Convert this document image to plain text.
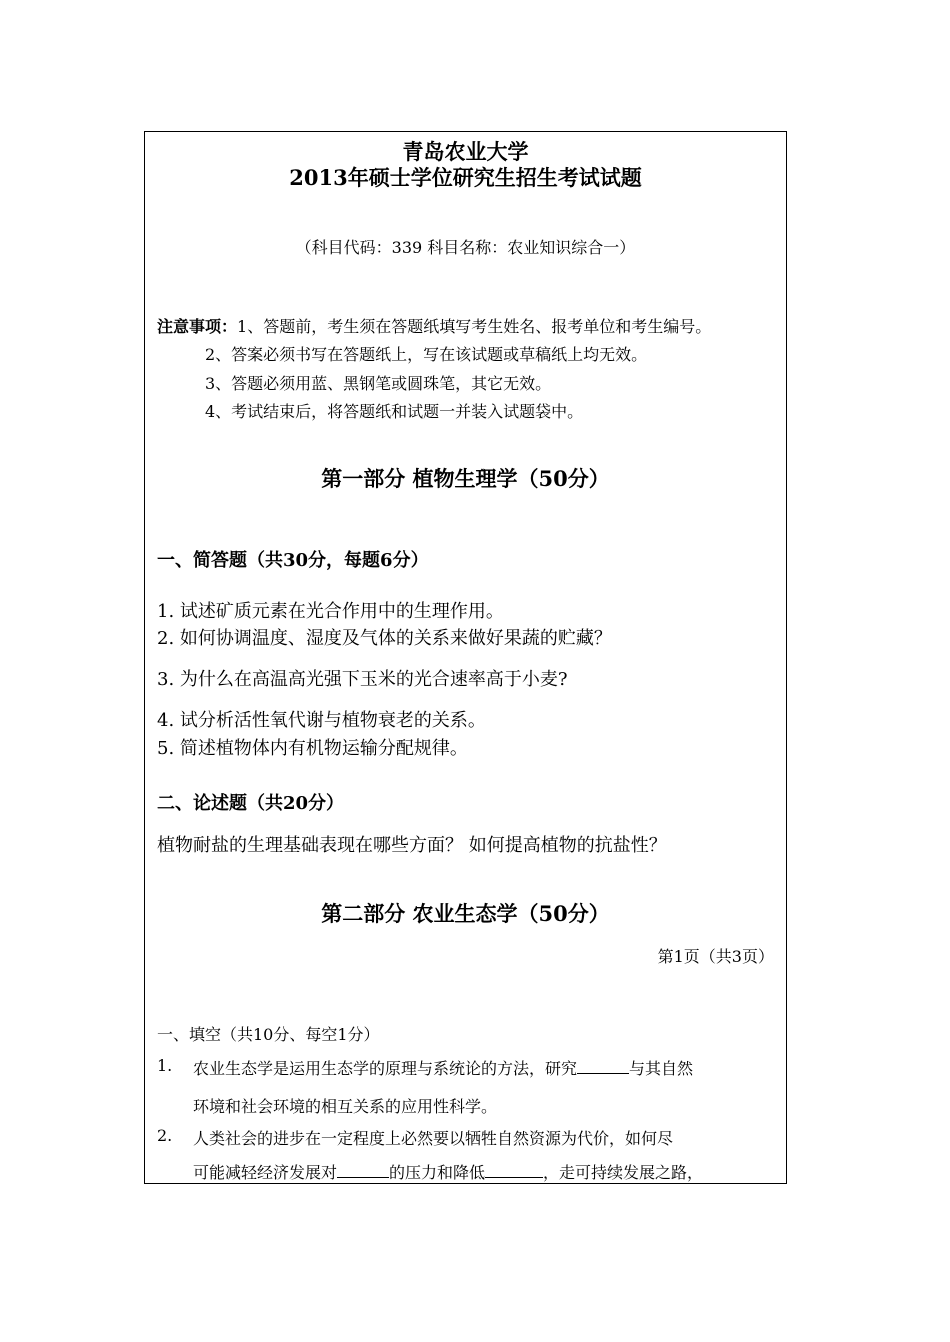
青岛农业大学
2013年硕士学位研究生招生考试试题
（科目代码：339 科目名称：农业知识综合一）
注意事项：1、答题前，考生须在答题纸填写考生姓名、报考单位和考生编号。
2、答案必须书写在答题纸上，写在该试题或草稿纸上均无效。
3、答题必须用蓝、黑钢笔或圆珠笔，其它无效。
4、考试结束后，将答题纸和试题一并装入试题袋中。
第一部分 植物生理学（50分）
一、简答题（共30分，每题6分）
1. 试述矿质元素在光合作用中的生理作用。
2. 如何协调温度、湿度及气体的关系来做好果蔬的贮藏？
3. 为什么在高温高光强下玉米的光合速率高于小麦?
4. 试分析活性氧代谢与植物衰老的关系。
5. 简述植物体内有机物运输分配规律。
二、论述题（共20分）
植物耐盐的生理基础表现在哪些方面？ 如何提高植物的抗盐性？
第二部分 农业生态学（50分）
第1页（共3页）
一、填空（共10分、每空1分）
1. 农业生态学是运用生态学的原理与系统论的方法，研究	与其自然
环境和社会环境的相互关系的应用性科学。
2. 人类社会的进步在一定程度上必然要以牺牲自然资源为代价，如何尽
可能减轻经济发展对	的压力和降低	，走可持续发展之路，
